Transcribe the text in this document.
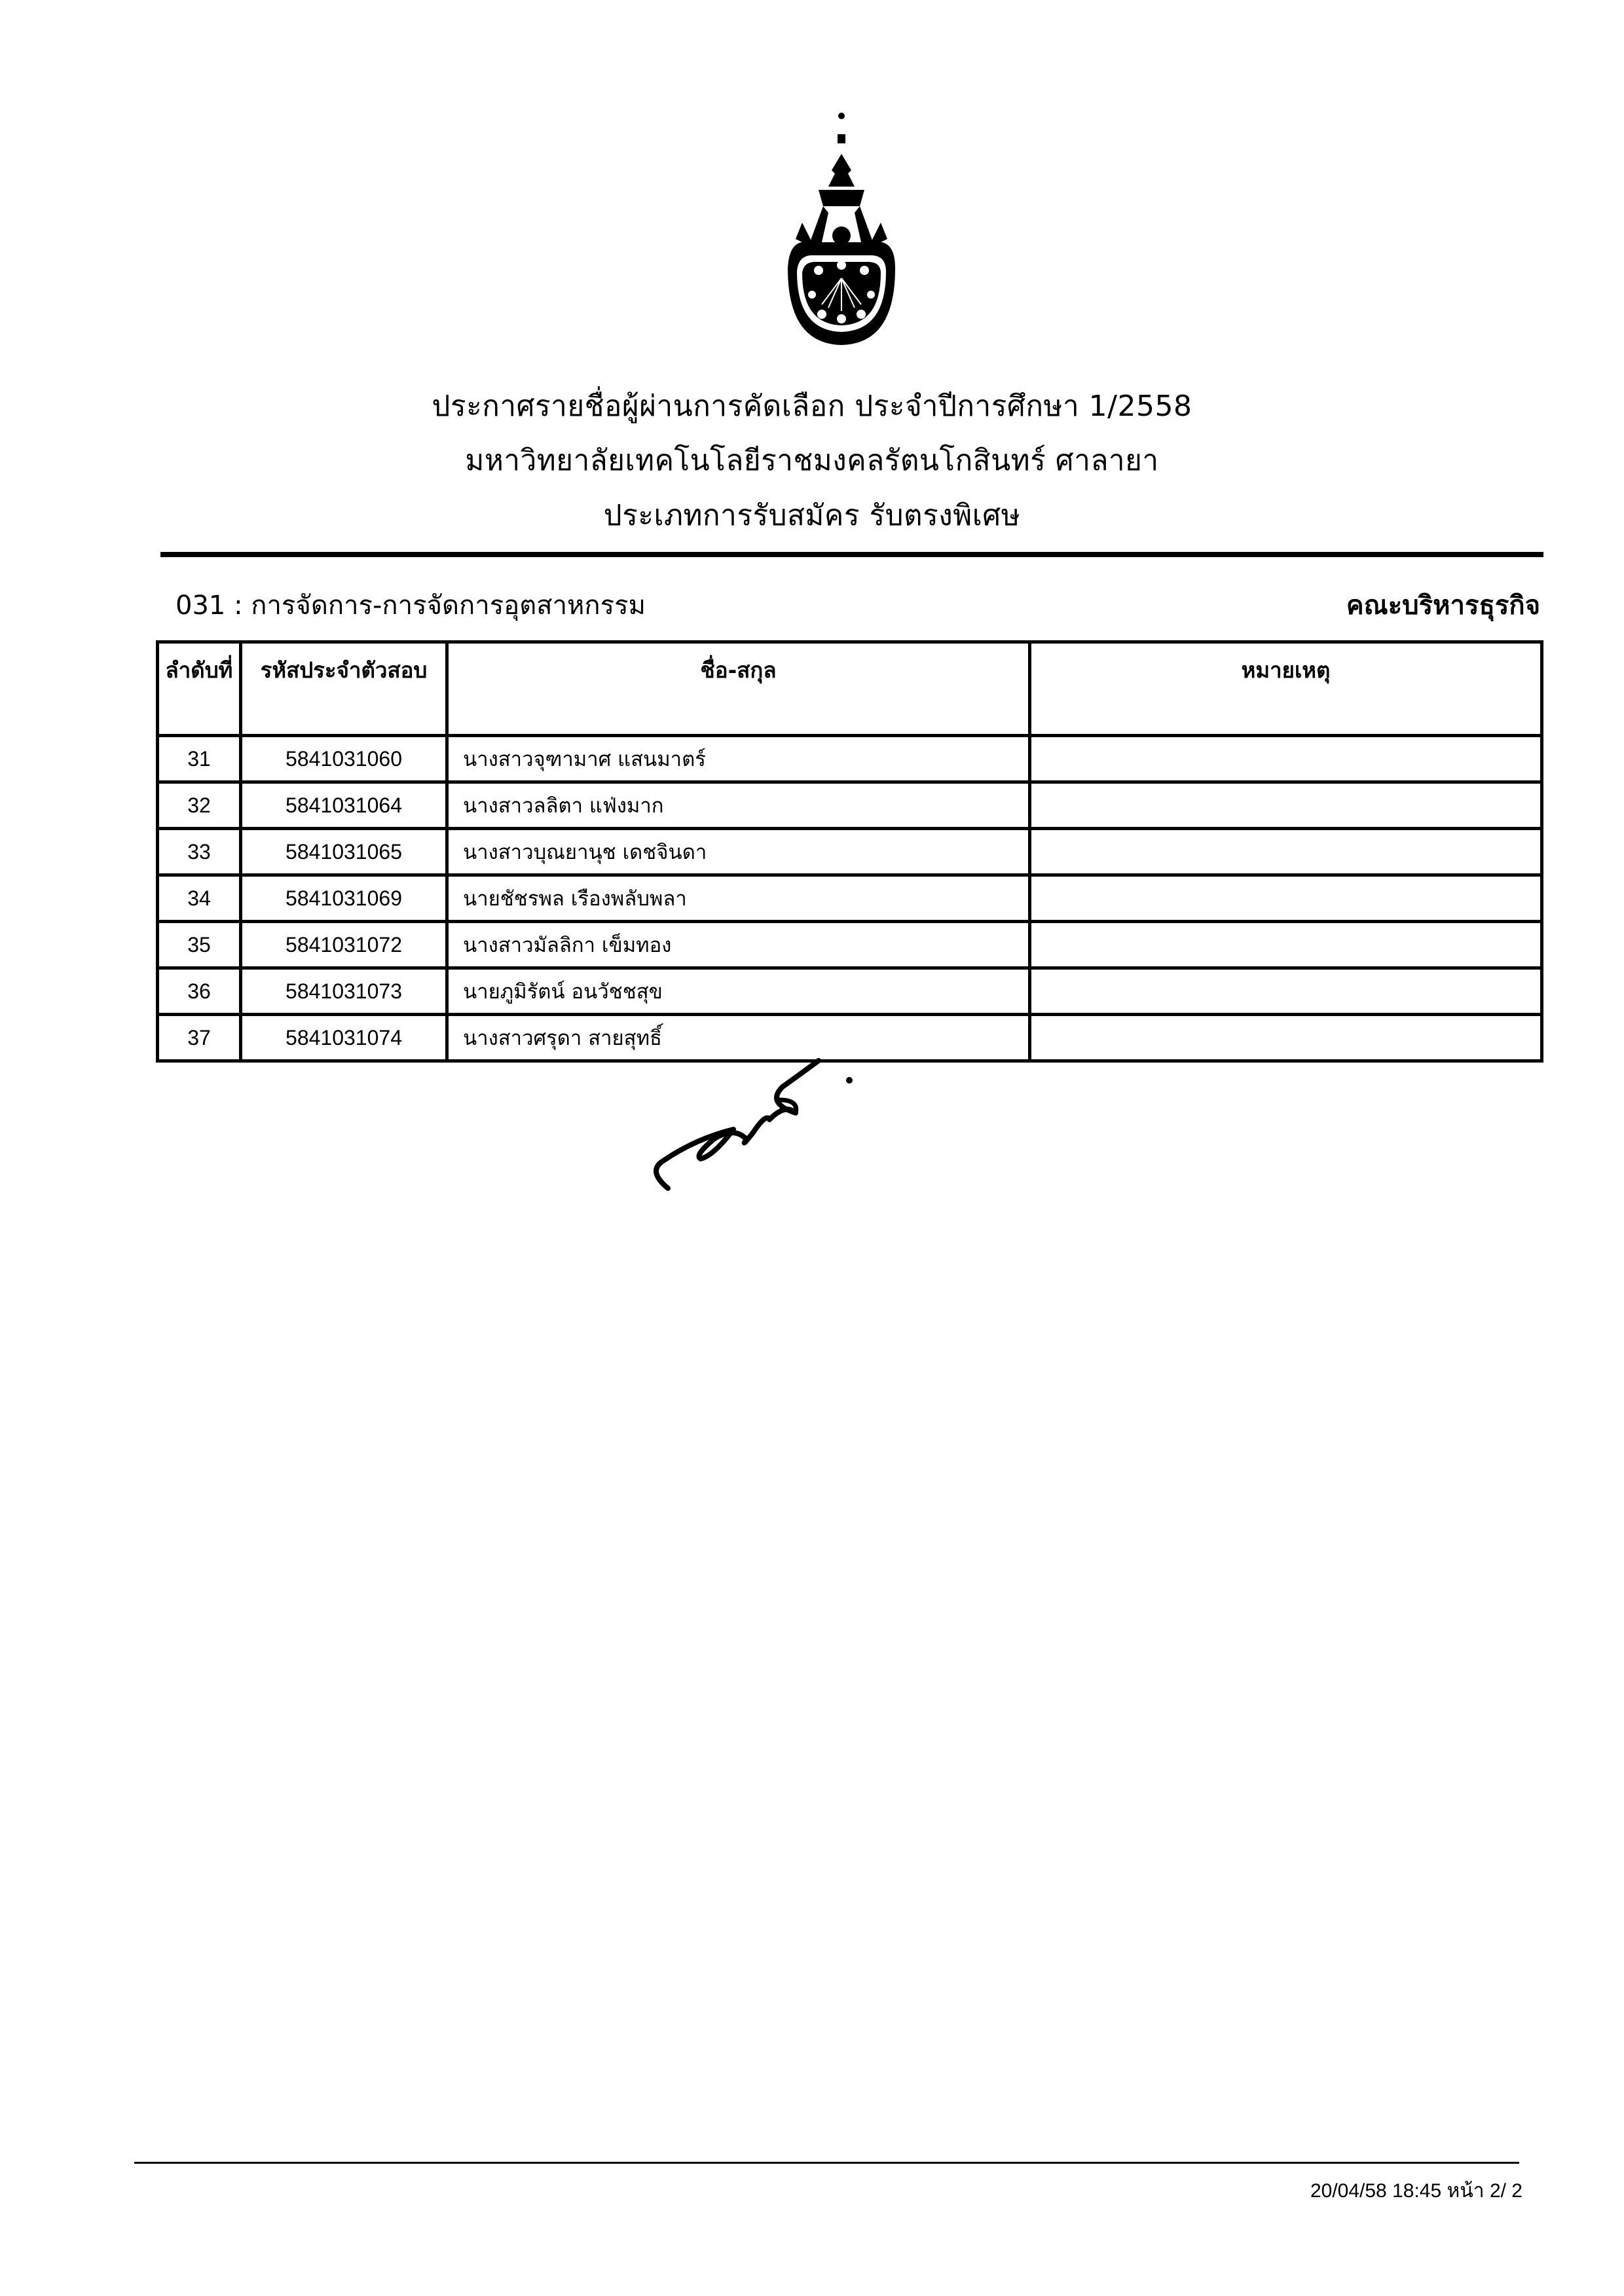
ประกาศรายชื่อผู้ผ่านการคัดเลือก ประจำปีการศึกษา 1/2558
มหาวิทยาลัยเทคโนโลยีราชมงคลรัตนโกสินทร์ ศาลายา
ประเภทการรับสมัคร รับตรงพิเศษ
031 : การจัดการ-การจัดการอุตสาหกรรม	คณะบริหารธุรกิจ
ลำดับที่	รหัสประจำตัวสอบ	ชื่อ-สกุล	หมายเหตุ
31	5841031060	นางสาวจุฑามาศ แสนมาตร์	
32	5841031064	นางสาวลลิตา แฟ่งมาก	
33	5841031065	นางสาวบุณยานุช เดชจินดา	
34	5841031069	นายชัชรพล เรืองพลับพลา	
35	5841031072	นางสาวมัลลิกา เข็มทอง	
36	5841031073	นายภูมิรัตน์ อนวัชชสุข	
37	5841031074	นางสาวศรุดา สายสุทธิ์	
20/04/58 18:45 หน้า 2/ 2
